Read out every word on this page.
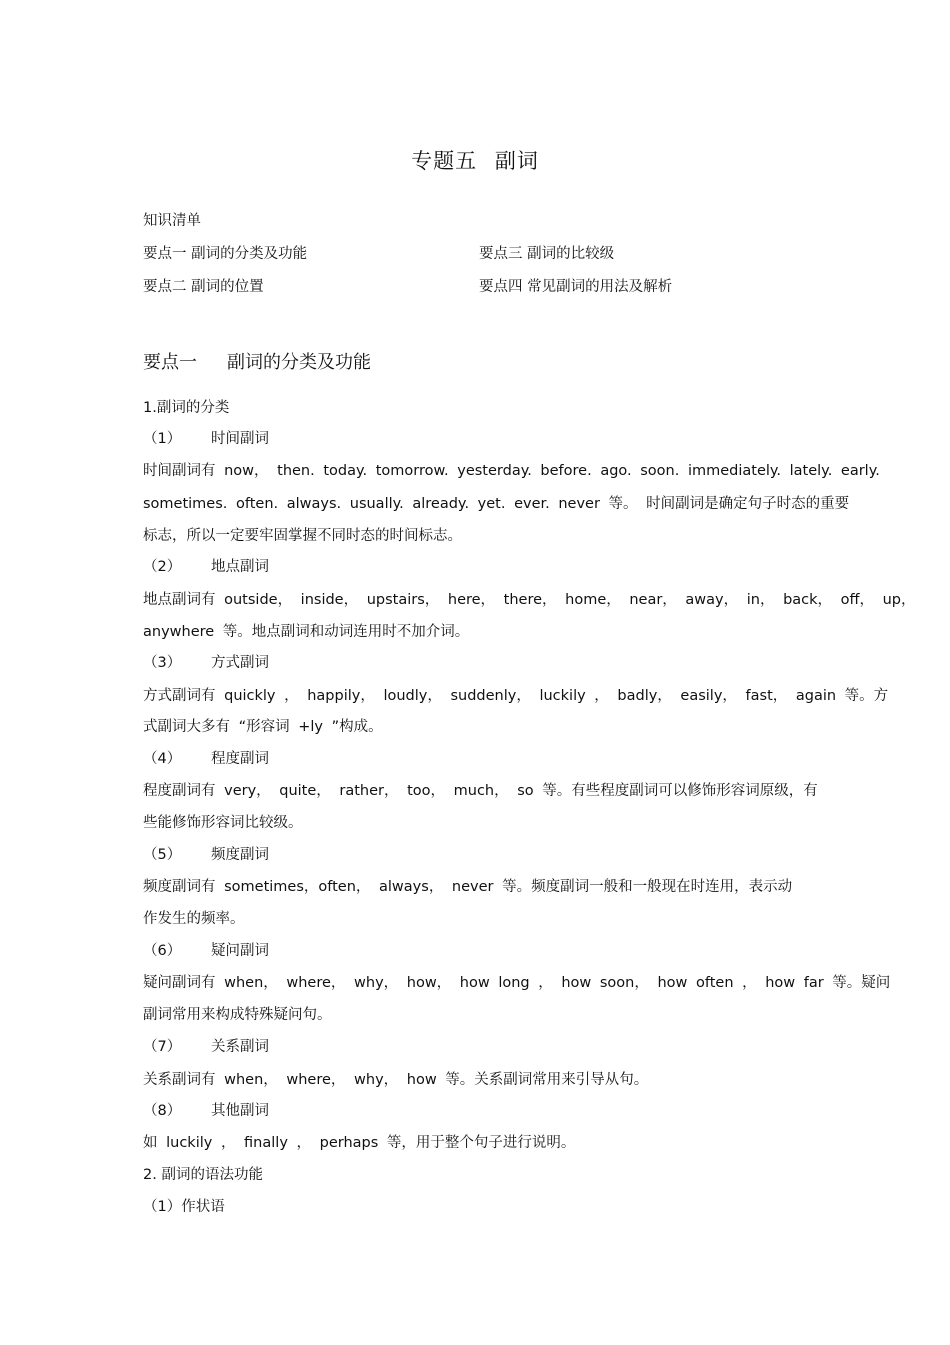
专题五 副词
知识清单
要点一 副词的分类及功能	要点三 副词的比较级
要点二 副词的位置	要点四 常见副词的用法及解析
要点一 副词的分类及功能
1.副词的分类
（1） 时间副词
时间副词有 now， then. today. tomorrow. yesterday. before. ago. soon. immediately. lately. early.
sometimes. often. always. usually. already. yet. ever. never 等。 时间副词是确定句子时态的重要
标志，所以一定要牢固掌握不同时态的时间标志。
（2） 地点副词
地点副词有 outside， inside， upstairs， here， there， home， near， away， in， back， off， up，
anywhere 等。地点副词和动词连用时不加介词。
（3） 方式副词
方式副词有 quickly ， happily， loudly， suddenly， luckily ， badly， easily， fast， again 等。方
式副词大多有 “形容词 +ly ”构成。
（4） 程度副词
程度副词有 very， quite， rather， too， much， so 等。有些程度副词可以修饰形容词原级，有
些能修饰形容词比较级。
（5） 频度副词
频度副词有 sometimes，often， always， never 等。频度副词一般和一般现在时连用，表示动
作发生的频率。
（6） 疑问副词
疑问副词有 when， where， why， how， how long ， how soon， how often ， how far 等。疑问
副词常用来构成特殊疑问句。
（7） 关系副词
关系副词有 when， where， why， how 等。关系副词常用来引导从句。
（8） 其他副词
如 luckily ， finally ， perhaps 等，用于整个句子进行说明。
2. 副词的语法功能
（1）作状语
